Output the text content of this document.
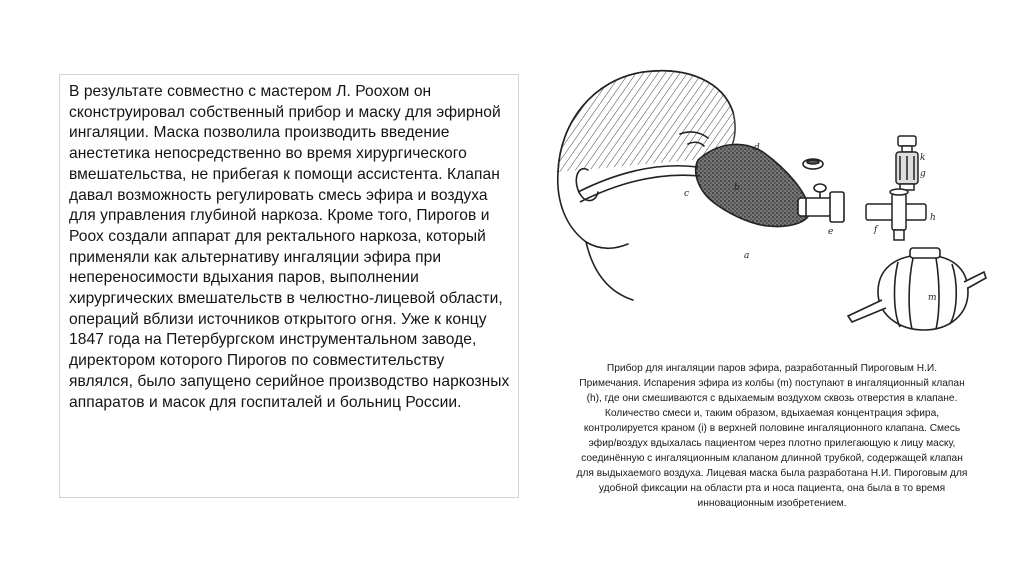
В результате совместно с мастером Л. Роохом он сконструировал собственный прибор и маску для эфирной ингаляции. Маска позволила производить введение анестетика непосредственно во время хирургического вмешательства, не прибегая к помощи ассистента. Клапан давал возможность регулировать смесь эфира и воздуха для управления глубиной наркоза. Кроме того, Пирогов и Роох создали аппарат для ректального наркоза, который применяли как альтернативу ингаляции эфира при непереносимости вдыхания паров, выполнении хирургических вмешательств в челюстно-лицевой области, операций вблизи источников открытого огня. Уже к концу 1847 года на Петербургском инструментальном заводе, директором которого Пирогов по совместительству являлся, было запущено серийное производство наркозных аппаратов и масок для госпиталей и больниц России.

d
b
c
e
a
f
g
h
k
m
Прибор для ингаляции паров эфира, разработанный Пироговым Н.И.
Примечания. Испарения эфира из колбы (m) поступают в ингаляционный клапан
(h), где они смешиваются с вдыхаемым воздухом сквозь отверстия в клапане.
Количество смеси и, таким образом, вдыхаемая концентрация эфира,
контролируется краном (i) в верхней половине ингаляционного клапана. Смесь
эфир/воздух вдыхалась пациентом через плотно прилегающую к лицу маску,
соединённую с ингаляционным клапаном длинной трубкой, содержащей клапан
для выдыхаемого воздуха. Лицевая маска была разработана Н.И. Пироговым для
удобной фиксации на области рта и носа пациента, она была в то время
инновационным изобретением.
